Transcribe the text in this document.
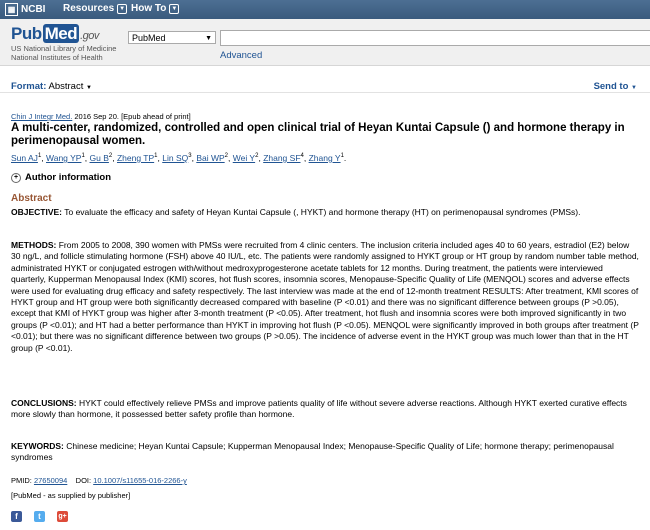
▦ NCBI Resources ▼ How To ▼
Pub Med .gov
US National Library of Medicine
National Institutes of Health
PubMed	▼
Advanced
Format: Abstract ▼	Send to ▼
Chin J Integr Med. 2016 Sep 20. [Epub ahead of print]
A multi-center, randomized, controlled and open clinical trial of Heyan Kuntai Capsule () and hormone therapy in perimenopausal women.
Sun $AJ^1$, Wang $YP^1$, Gu $B^2$, Zheng $TP^1$, Lin $SQ^3$, Bai $WP^2$, Wei $Y^2$, Zhang $SF^4$, Zhang $Y^1$.
+ Author information
Abstract
OBJECTIVE: To evaluate the efficacy and safety of Heyan Kuntai Capsule (, HYKT) and hormone therapy (HT) on perimenopausal syndromes (PMSs).
METHODS: From 2005 to 2008, 390 women with PMSs were recruited from 4 clinic centers. The inclusion criteria included ages 40 to 60 years, estradiol (E2) below 30 ng/L, and follicle stimulating hormone (FSH) above 40 IU/L, etc. The patients were randomly assigned to HYKT group or HT group by random number table method, administrated HYKT or conjugated estrogen with/without medroxyprogesterone acetate tablets for 12 months. During treatment, the patients were interviewed quarterly, Kupperman Menopausal Index (KMI) scores, hot flush scores, insomnia scores, Menopause-Specific Quality of Life (MENQOL) scores and adverse effects were used for evaluating drug efficacy and safety respectively. The last interview was made at the end of 12-month treatment RESULTS: After treatment, KMI scores of HYKT group and HT group were both significantly decreased compared with baseline (P <0.01) and there was no significant difference between groups (P >0.05), except that KMI of HYKT group was higher after 3-month treatment (P <0.05). After treatment, hot flush and insomnia scores were both improved significantly in two groups (P <0.01); and HT had a better performance than HYKT in improving hot flush (P <0.05). MENQOL were significantly improved in both groups after treatment (P <0.01); but there was no significant difference between two groups (P >0.05). The incidence of adverse event in the HYKT group was much lower than that in the HT group (P <0.01).
CONCLUSIONS: HYKT could effectively relieve PMSs and improve patients quality of life without severe adverse reactions. Although HYKT exerted curative effects more slowly than hormone, it possessed better safety profile than hormone.
KEYWORDS: Chinese medicine; Heyan Kuntai Capsule; Kupperman Menopausal Index; Menopause-Specific Quality of Life; hormone therapy; perimenopausal syndromes
PMID: 27650094 DOI: 10.1007/s11655-016-2266-y
[PubMed - as supplied by publisher]
f	t	g+
